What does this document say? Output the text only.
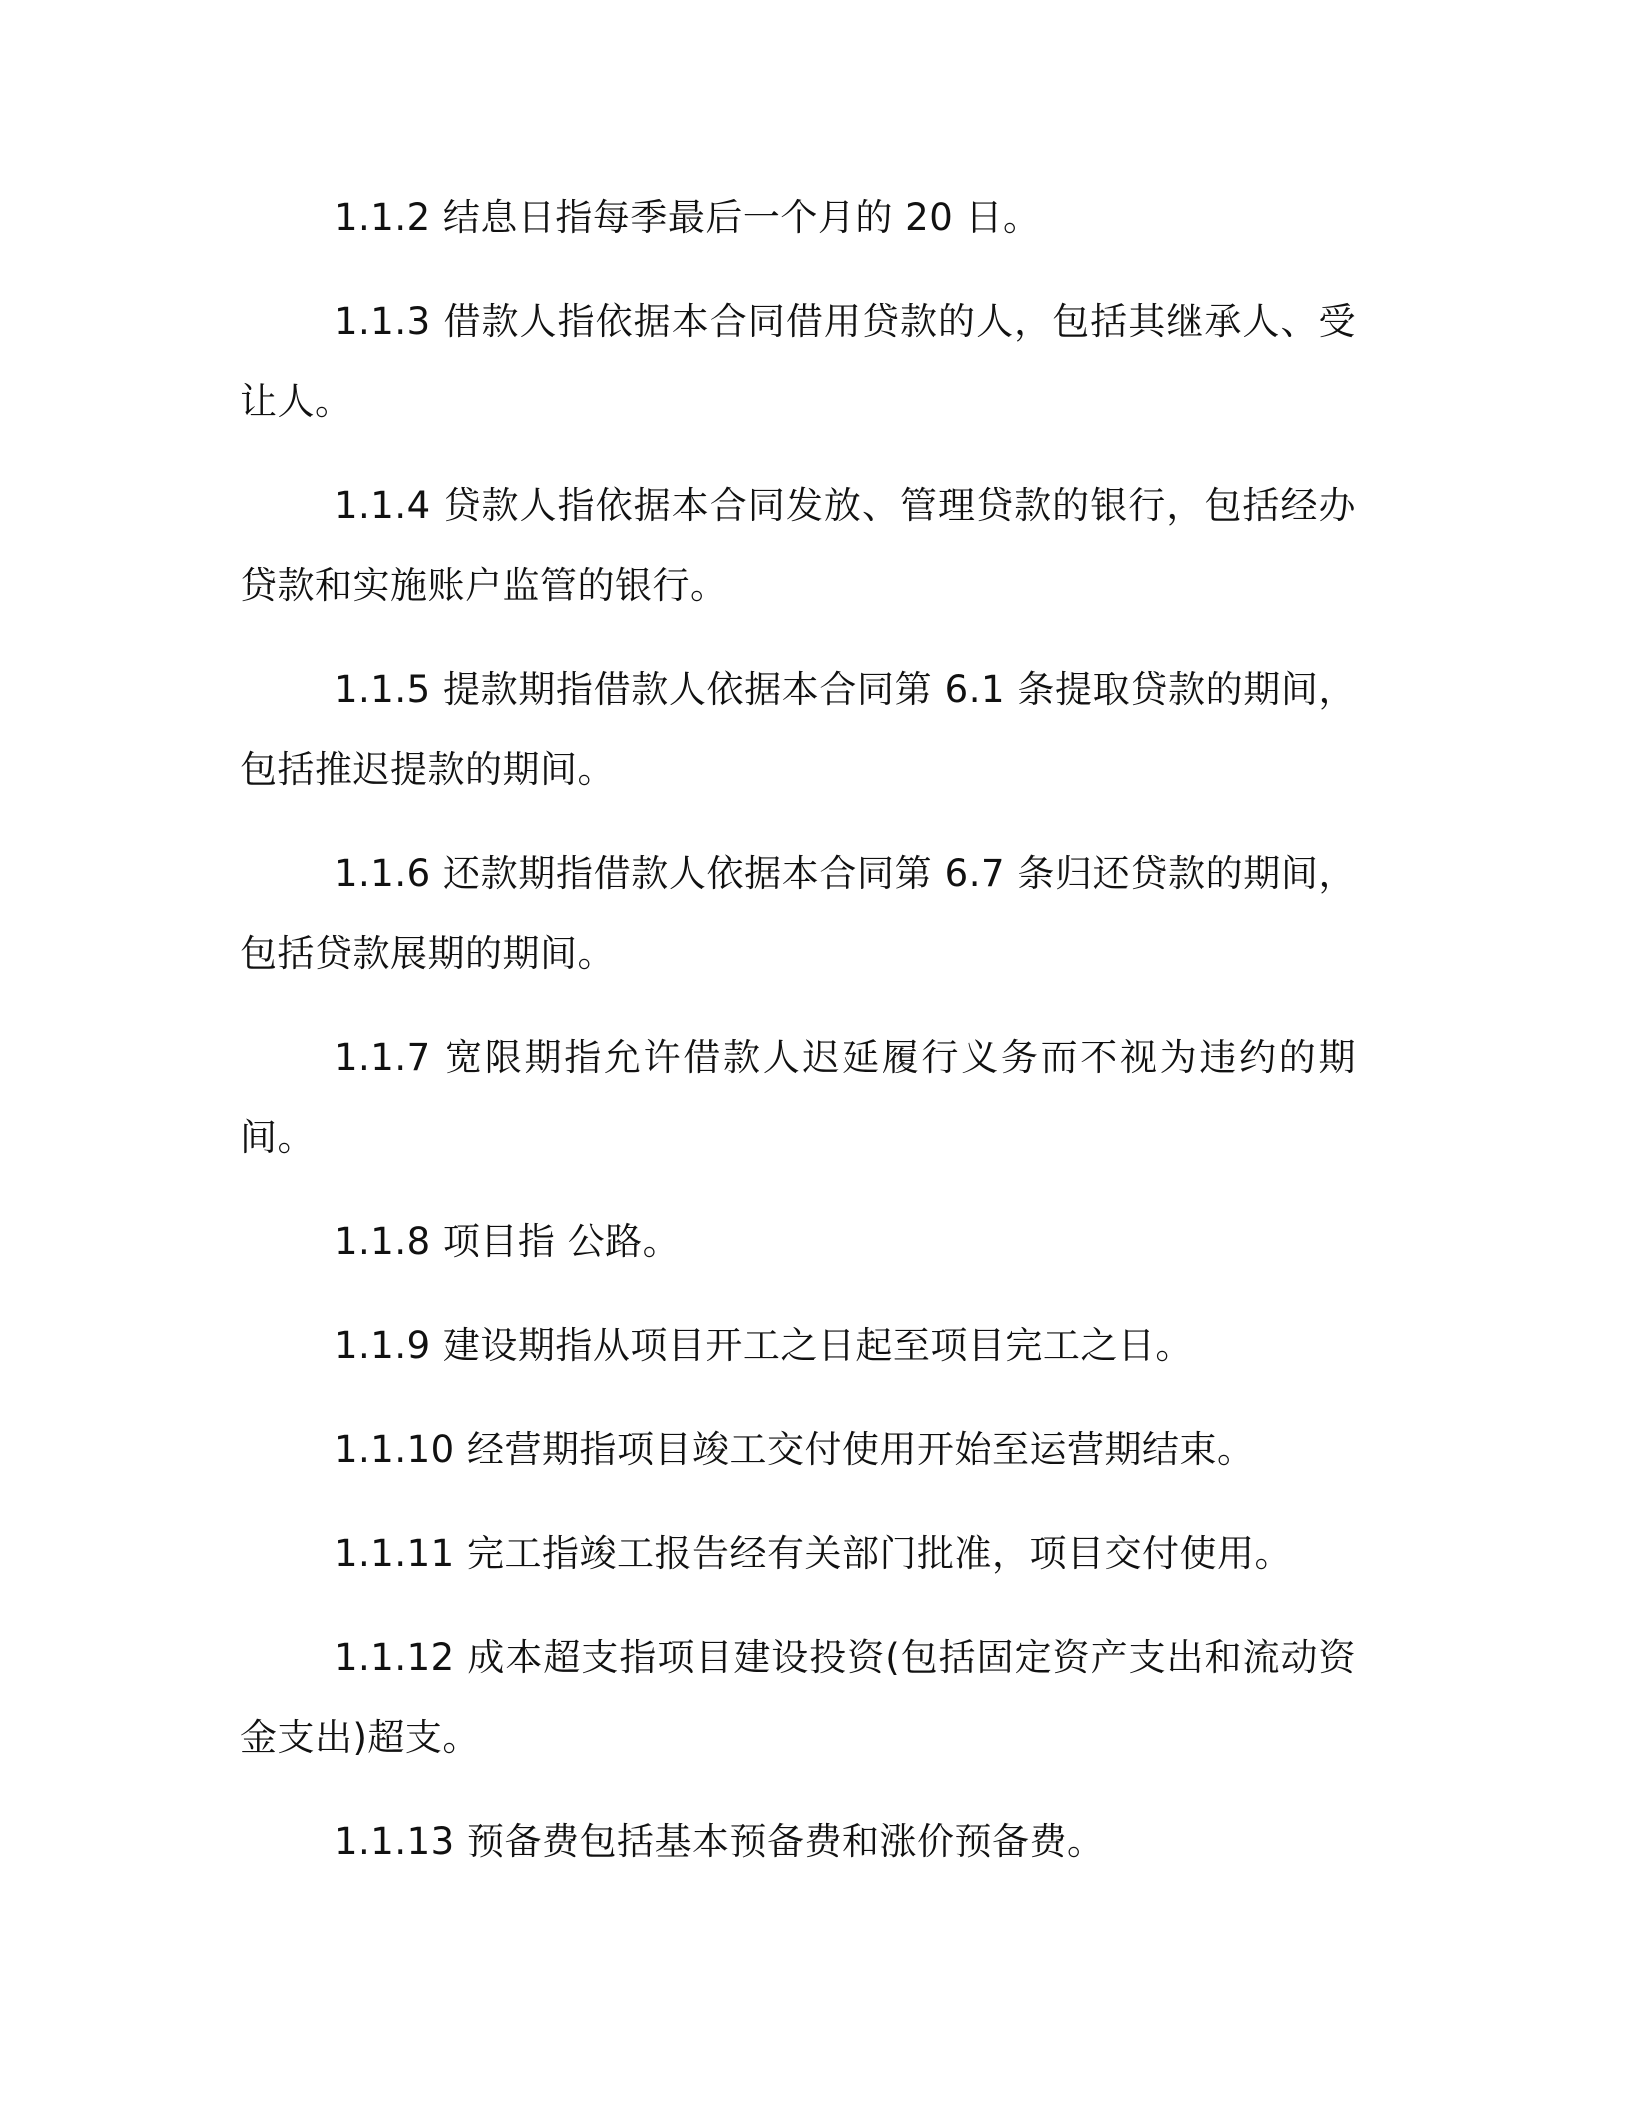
1.1.2 结息日指每季最后一个月的 20 日。

1.1.3 借款人指依据本合同借用贷款的人，包括其继承人、受让人。

1.1.4 贷款人指依据本合同发放、管理贷款的银行，包括经办贷款和实施账户监管的银行。

1.1.5 提款期指借款人依据本合同第 6.1 条提取贷款的期间，包括推迟提款的期间。

1.1.6 还款期指借款人依据本合同第 6.7 条归还贷款的期间，包括贷款展期的期间。

1.1.7 宽限期指允许借款人迟延履行义务而不视为违约的期间。

1.1.8 项目指 公路。

1.1.9 建设期指从项目开工之日起至项目完工之日。

1.1.10 经营期指项目竣工交付使用开始至运营期结束。

1.1.11 完工指竣工报告经有关部门批准，项目交付使用。

1.1.12 成本超支指项目建设投资(包括固定资产支出和流动资金支出)超支。

1.1.13 预备费包括基本预备费和涨价预备费。
